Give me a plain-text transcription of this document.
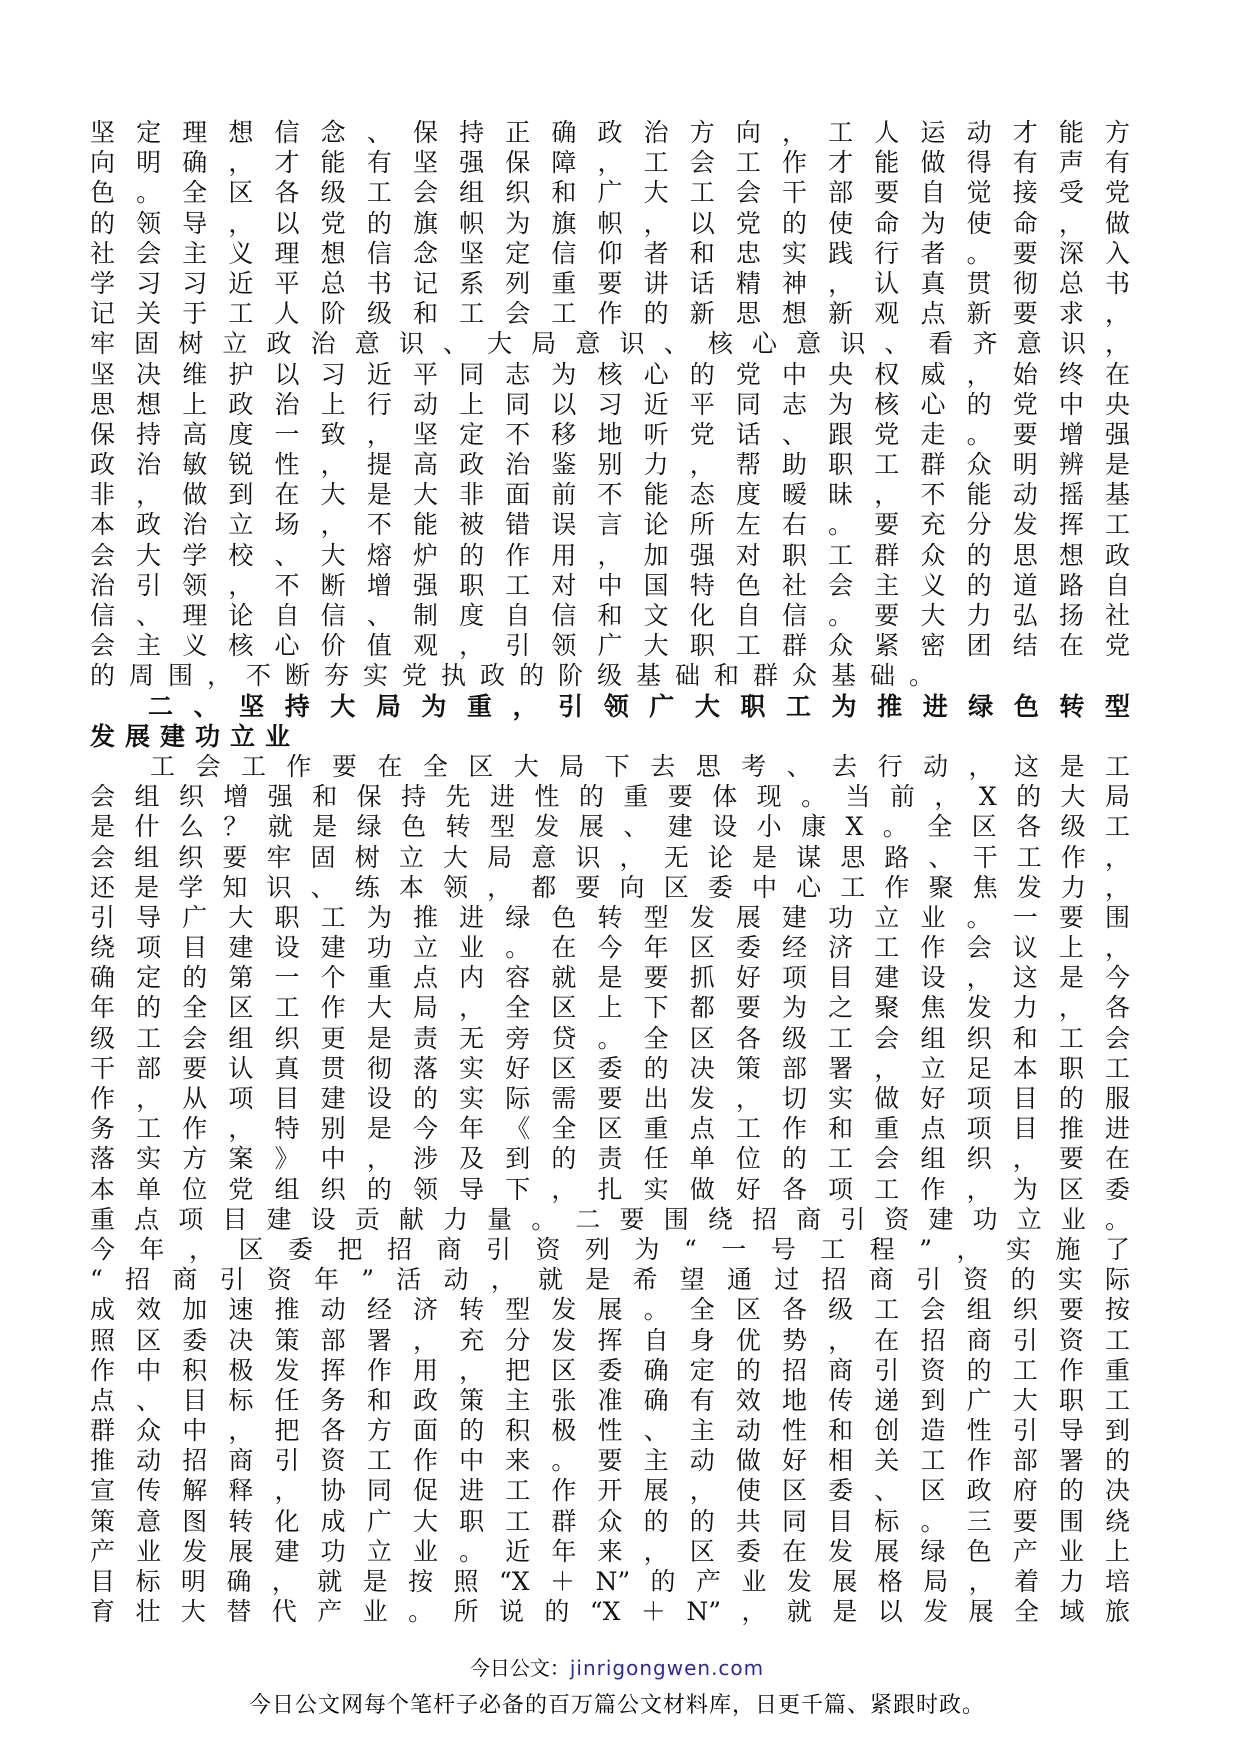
坚定理想信念、保持正确政治方向，工人运动才能方
向明确，才能有坚强保障，工会工作才能做得有声有
色。全区各级工会组织和广大工会干部要自觉接受党
的领导，以党的旗帜为旗帜，以党的使命为使命，做
社会主义理想信念坚定信仰者和忠实践行者。要深入
学习习近平总书记系列重要讲话精神，认真贯彻总书
记关于工人阶级和工会工作的新思想新观点新要求，
牢固树立政治意识、大局意识、核心意识、看齐意识，
坚决维护以习近平同志为核心的党中央权威，始终在
思想上政治上行动上同以习近平同志为核心的党中央
保持高度一致，坚定不移地听党话、跟党走。要增强
政治敏锐性，提高政治鉴别力，帮助职工群众明辨是
非，做到在大是大非面前不能态度暧昧，不能动摇基
本政治立场，不能被错误言论所左右。要充分发挥工
会大学校、大熔炉的作用，加强对职工群众的思想政
治引领，不断增强职工对中国特色社会主义的道路自
信、理论自信、制度自信和文化自信。要大力弘扬社
会主义核心价值观，引领广大职工群众紧密团结在党
的周围，不断夯实党执政的阶级基础和群众基础。
二、坚持大局为重，引领广大职工为推进绿色转型
发展建功立业
工会工作要在全区大局下去思考、去行动，这是工
会组织增强和保持先进性的重要体现。当前，X的大局
是什么？就是绿色转型发展、建设小康X。全区各级工
会组织要牢固树立大局意识，无论是谋思路、干工作，
还是学知识、练本领，都要向区委中心工作聚焦发力，
引导广大职工为推进绿色转型发展建功立业。一要围
绕项目建设建功立业。在今年区委经济工作会议上，
确定的第一个重点内容就是要抓好项目建设，这是今
年的全区工作大局，全区上下都要为之聚焦发力，各
级工会组织更是责无旁贷。全区各级工会组织和工会
干部要认真贯彻落实好区委的决策部署，立足本职工
作，从项目建设的实际需要出发，切实做好项目的服
务工作，特别是今年《全区重点工作和重点项目推进
落实方案》中，涉及到的责任单位的工会组织，要在
本单位党组织的领导下，扎实做好各项工作，为区委
重点项目建设贡献力量。二要围绕招商引资建功立业。
今年，区委把招商引资列为“一号工程”，实施了
“招商引资年”活动，就是希望通过招商引资的实际
成效加速推动经济转型发展。全区各级工会组织要按
照区委决策部署，充分发挥自身优势，在招商引资工
作中积极发挥作用，把区委确定的招商引资的工作重
点、目标任务和政策主张准确有效地传递到广大职工
群众中，把各方面的积极性、主动性和创造性引导到
推动招商引资工作中来。要主动做好相关工作部署的
宣传解释，协同促进工作开展，使区委、区政府的决
策意图转化成广大职工群众的的共同目标。三要围绕
产业发展建功立业。近年来，区委在发展绿色产业上
目标明确，就是按照“X＋N”的产业发展格局，着力培
育壮大替代产业。所说的“X＋N”，就是以发展全域旅
今日公文：jinrigongwen.com
今日公文网每个笔杆子必备的百万篇公文材料库，日更千篇、紧跟时政。
